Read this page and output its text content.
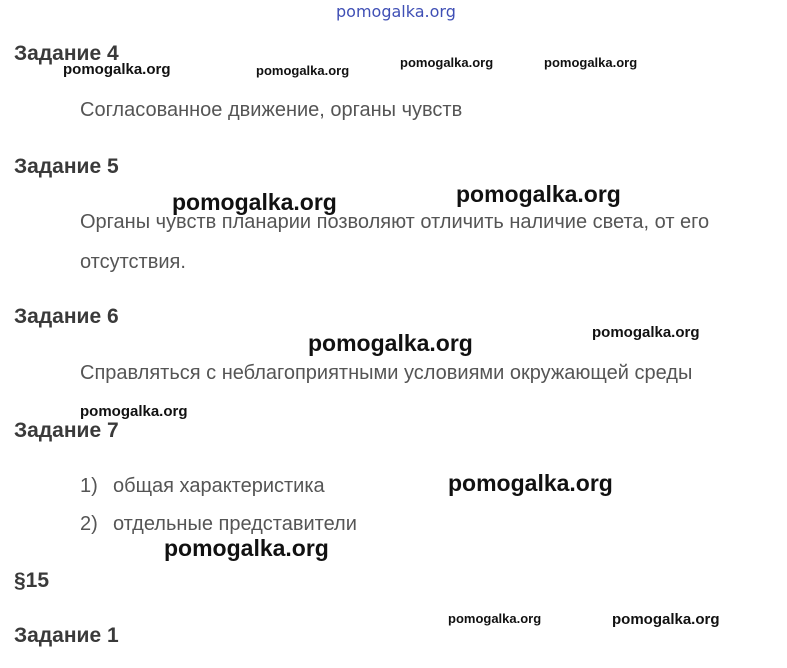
pomogalka.org
Задание 4
Согласованное движение, органы чувств
Задание 5
Органы чувств планарии позволяют отличить наличие света, от его
отсутствия.
Задание 6
Справляться с неблагоприятными условиями окружающей среды
Задание 7
1) общая характеристика
2) отдельные представители
§15
Задание 1
pomogalka.org	pomogalka.org
pomogalka.org	pomogalka.org
pomogalka.org	pomogalka.org
pomogalka.org
pomogalka.org
pomogalka.org
pomogalka.org
pomogalka.org
pomogalka.org	pomogalka.org
